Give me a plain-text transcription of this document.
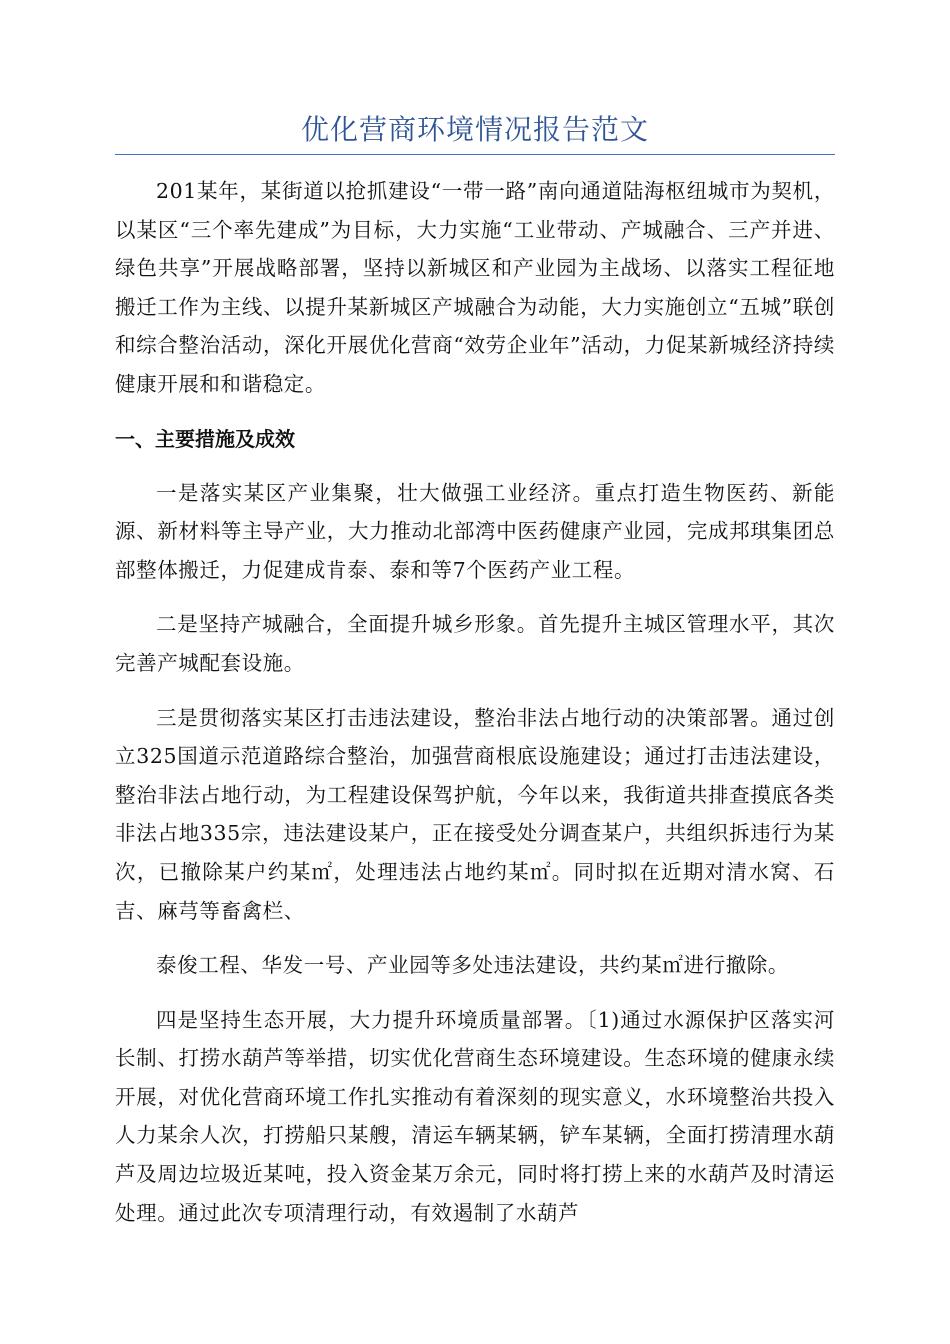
优化营商环境情况报告范文

201某年，某街道以抢抓建设“一带一路”南向通道陆海枢纽城市为契机，以某区“三个率先建成”为目标，大力实施“工业带动、产城融合、三产并进、绿色共享”开展战略部署，坚持以新城区和产业园为主战场、以落实工程征地搬迁工作为主线、以提升某新城区产城融合为动能，大力实施创立“五城”联创和综合整治活动，深化开展优化营商“效劳企业年”活动，力促某新城经济持续健康开展和和谐稳定。

一、主要措施及成效

一是落实某区产业集聚，壮大做强工业经济。重点打造生物医药、新能源、新材料等主导产业，大力推动北部湾中医药健康产业园，完成邦琪集团总部整体搬迁，力促建成肯泰、泰和等7个医药产业工程。

二是坚持产城融合，全面提升城乡形象。首先提升主城区管理水平，其次完善产城配套设施。

三是贯彻落实某区打击违法建设，整治非法占地行动的决策部署。通过创立325国道示范道路综合整治，加强营商根底设施建设；通过打击违法建设，整治非法占地行动，为工程建设保驾护航，今年以来，我街道共排查摸底各类非法占地335宗，违法建设某户，正在接受处分调查某户，共组织拆违行为某次，已撤除某户约某㎡，处理违法占地约某㎡。同时拟在近期对清水窝、石吉、麻芎等畜禽栏、

泰俊工程、华发一号、产业园等多处违法建设，共约某㎡进行撤除。

四是坚持生态开展，大力提升环境质量部署。〔1)通过水源保护区落实河长制、打捞水葫芦等举措，切实优化营商生态环境建设。生态环境的健康永续开展，对优化营商环境工作扎实推动有着深刻的现实意义，水环境整治共投入人力某余人次，打捞船只某艘，清运车辆某辆，铲车某辆，全面打捞清理水葫芦及周边垃圾近某吨，投入资金某万余元，同时将打捞上来的水葫芦及时清运处理。通过此次专项清理行动，有效遏制了水葫芦
